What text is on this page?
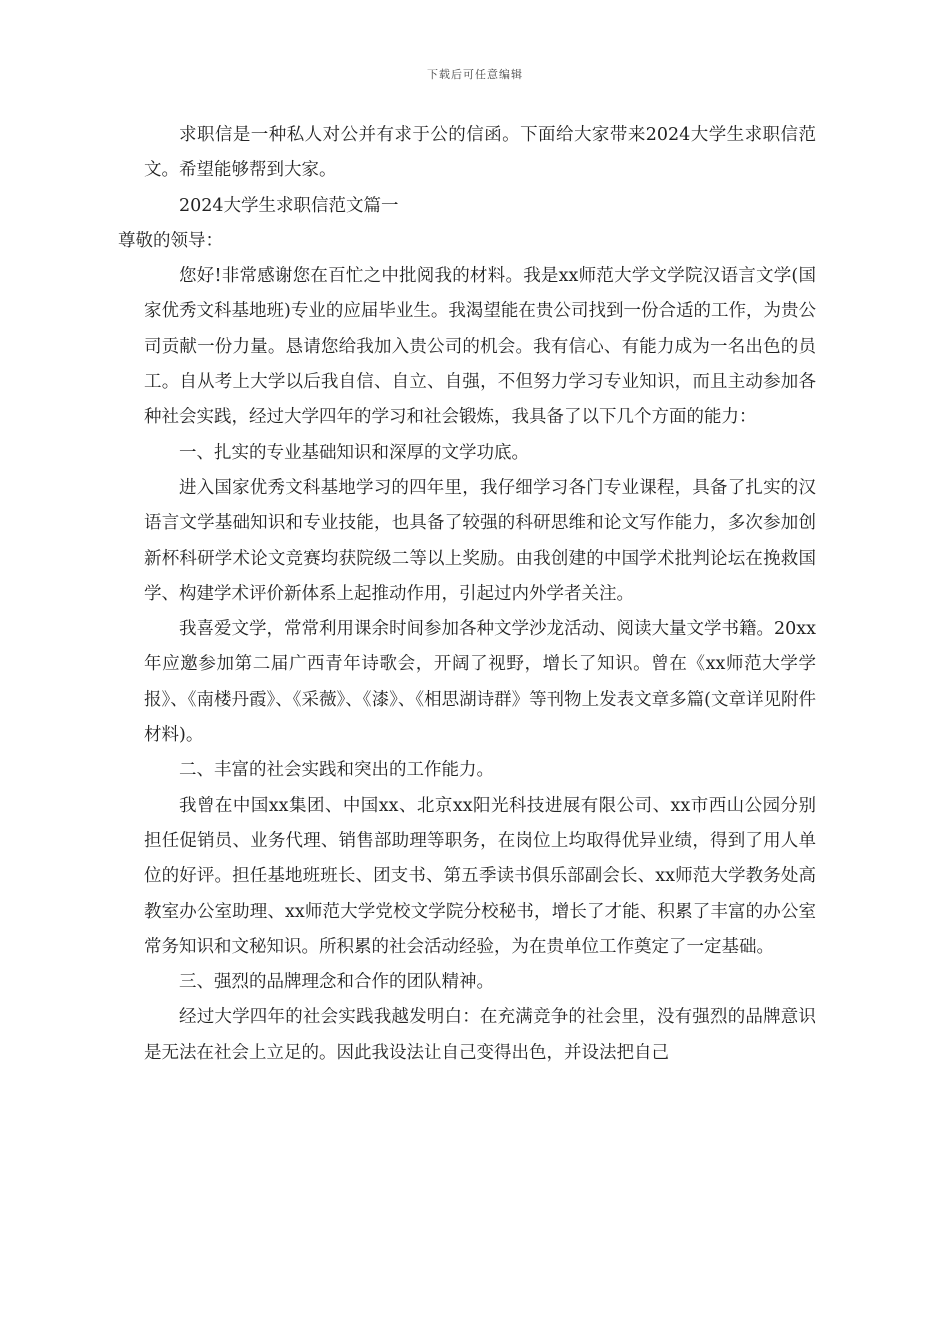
下载后可任意编辑

求职信是一种私人对公并有求于公的信函。下面给大家带来2024大学生求职信范文。希望能够帮到大家。

2024大学生求职信范文篇一

尊敬的领导：

您好!非常感谢您在百忙之中批阅我的材料。我是xx师范大学文学院汉语言文学(国家优秀文科基地班)专业的应届毕业生。我渴望能在贵公司找到一份合适的工作，为贵公司贡献一份力量。恳请您给我加入贵公司的机会。我有信心、有能力成为一名出色的员工。自从考上大学以后我自信、自立、自强，不但努力学习专业知识，而且主动参加各种社会实践，经过大学四年的学习和社会锻炼，我具备了以下几个方面的能力：

一、扎实的专业基础知识和深厚的文学功底。

进入国家优秀文科基地学习的四年里，我仔细学习各门专业课程，具备了扎实的汉语言文学基础知识和专业技能，也具备了较强的科研思维和论文写作能力，多次参加创新杯科研学术论文竞赛均获院级二等以上奖励。由我创建的中国学术批判论坛在挽救国学、构建学术评价新体系上起推动作用，引起过内外学者关注。

我喜爱文学，常常利用课余时间参加各种文学沙龙活动、阅读大量文学书籍。20xx年应邀参加第二届广西青年诗歌会，开阔了视野，增长了知识。曾在《xx师范大学学报》、《南楼丹霞》、《采薇》、《漆》、《相思湖诗群》等刊物上发表文章多篇(文章详见附件材料)。

二、丰富的社会实践和突出的工作能力。

我曾在中国xx集团、中国xx、北京xx阳光科技进展有限公司、xx市西山公园分别担任促销员、业务代理、销售部助理等职务，在岗位上均取得优异业绩，得到了用人单位的好评。担任基地班班长、团支书、第五季读书俱乐部副会长、xx师范大学教务处高教室办公室助理、xx师范大学党校文学院分校秘书，增长了才能、积累了丰富的办公室常务知识和文秘知识。所积累的社会活动经验，为在贵单位工作奠定了一定基础。

三、强烈的品牌理念和合作的团队精神。

经过大学四年的社会实践我越发明白：在充满竞争的社会里，没有强烈的品牌意识是无法在社会上立足的。因此我设法让自己变得出色，并设法把自己
